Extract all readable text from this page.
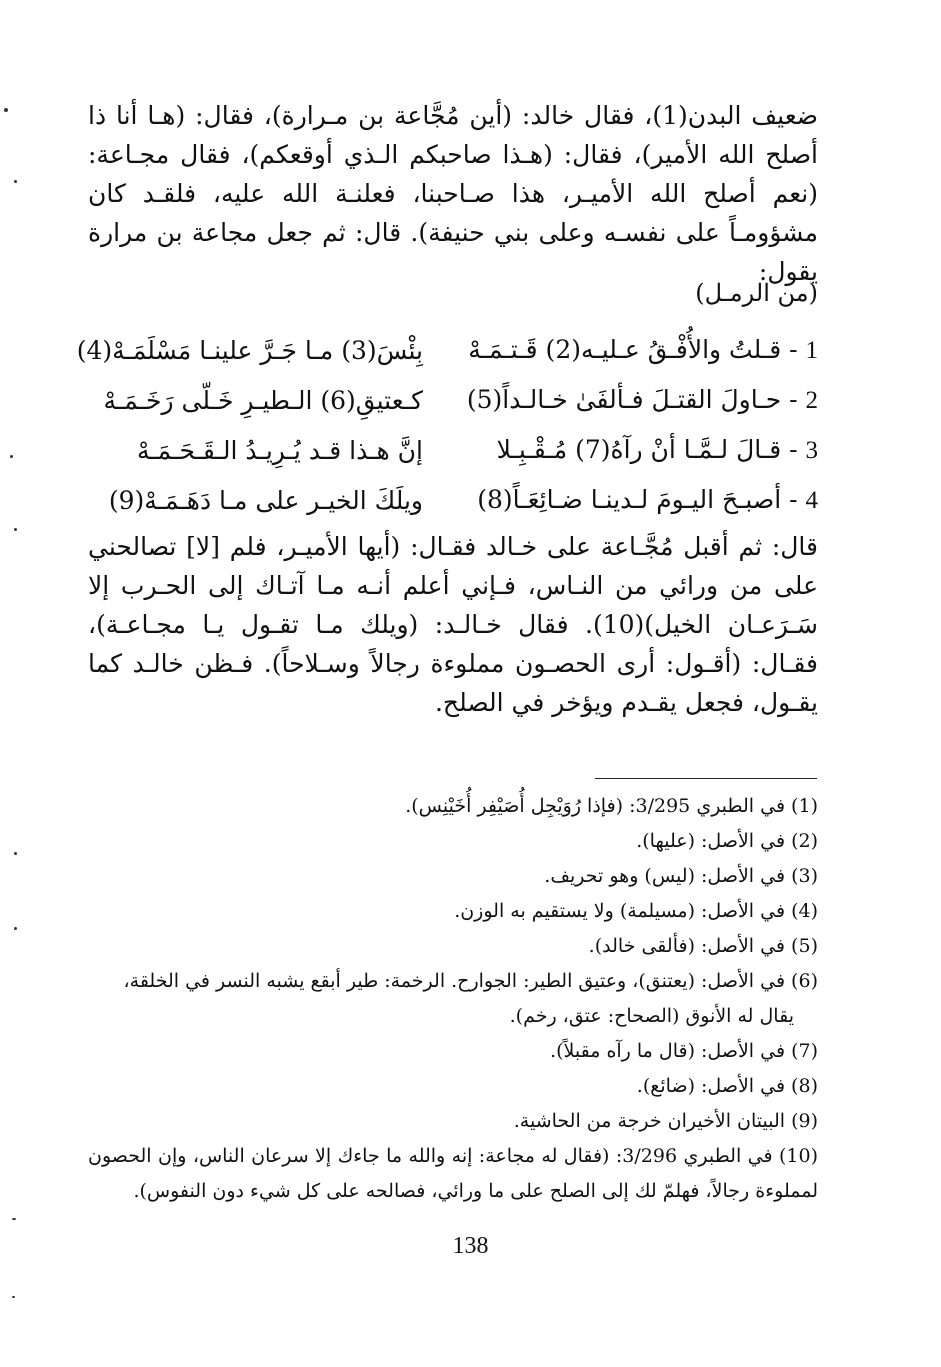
ضعيف البدن(1)، فقال خالد: (أين مُجَّاعة بن مـرارة)، فقال: (هـا أنا ذا أصلح الله الأمير)، فقال: (هـذا صاحبكم الـذي أوقعكم)، فقال مجـاعة: (نعم أصلح الله الأميـر، هذا صـاحبنا، فعلنـة الله عليه، فلقـد كان مشؤومـاً على نفسـه وعلى بني حنيفة). قال: ثم جعل مجاعة بن مرارة يقول:

(من الرمـل)
1 - قـلتُ والأُفْـقُ عـليـه(2) قَـتـمَـهْ
بِئْسَ(3) مـا جَـرَّ علينـا مَسْلَمَـهْ(4)
2 - حـاولَ القتـلَ فـألفَىٰ خـالـداً(5)
كـعتيقِ(6) الـطيـرِ خَـلّى رَخَـمَـهْ
3 - قـالَ لـمَّـا أنْ رآهُ(7) مُـقْـبِـلا
إنَّ هـذا قـد يُـرِيـدُ الـقَـحَـمَـهْ
4 - أصبـحَ اليـومَ لـدينـا ضـائِعَـاً(8)
ويلَكَ الخيـر على مـا دَهَـمَـهْ(9)

قال: ثم أقبل مُجَّـاعة على خـالد فقـال: (أيها الأميـر، فلم [لا] تصالحني على من ورائي من النـاس، فـإني أعلم أنـه مـا آتـاك إلى الحـرب إلا سَـرَعـان الخيل)(10). فقال خـالـد: (ويلك مـا تقـول يـا مجـاعـة)، فقـال: (أقـول: أرى الحصـون مملوءة رجالاً وسـلاحاً). فـظن خالـد كما يقـول، فجعل يقـدم ويؤخر في الصلح.

(1) في الطبري 3/295: (فإذا رُوَيْجِل أُصَيْفِر أُخَيْنِس).

(2) في الأصل: (عليها).

(3) في الأصل: (ليس) وهو تحريف.

(4) في الأصل: (مسيلمة) ولا يستقيم به الوزن.

(5) في الأصل: (فألقى خالد).

(6) في الأصل: (يعتنق)، وعتيق الطير: الجوارح. الرخمة: طير أبقع يشبه النسر في الخلقة،

يقال له الأنوق (الصحاح: عتق، رخم).

(7) في الأصل: (قال ما رآه مقبلاً).

(8) في الأصل: (ضائع).

(9) البيتان الأخيران خرجة من الحاشية.

(10) في الطبري 3/296: (فقال له مجاعة: إنه والله ما جاءك إلا سرعان الناس، وإن الحصون لمملوءة رجالاً، فهلمّ لك إلى الصلح على ما ورائي، فصالحه على كل شيء دون النفوس).

138
